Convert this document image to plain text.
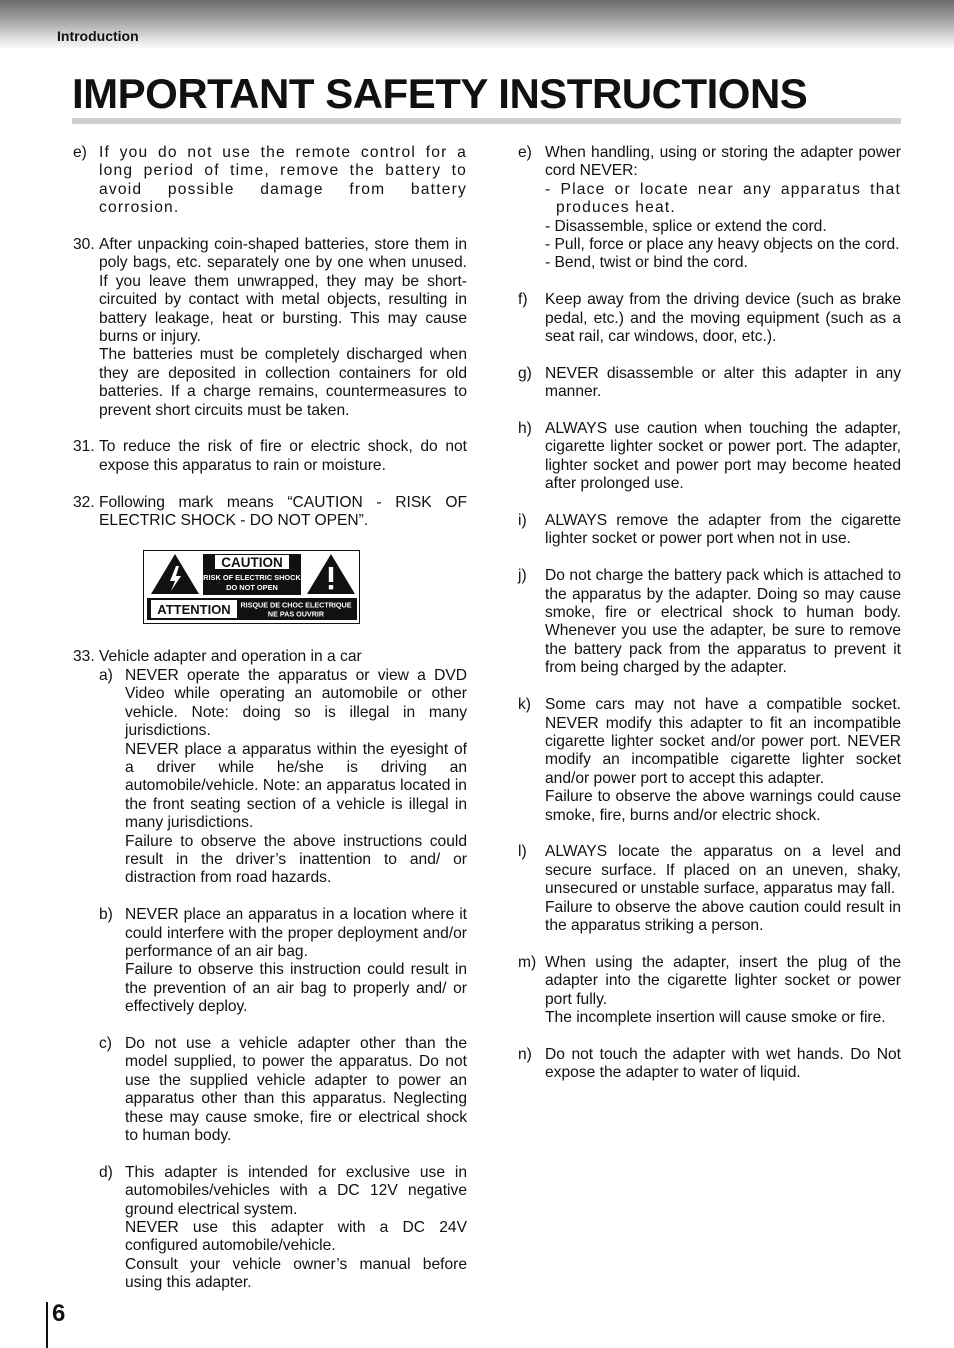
Introduction
IMPORTANT SAFETY INSTRUCTIONS
e) If you do not use the remote control for a long period of time, remove the battery to avoid possible damage from battery corrosion.

30. After unpacking coin-shaped batteries, store them in poly bags, etc. separately one by one when unused. If you leave them unwrapped, they may be short-circuited by contact with metal objects, resulting in battery leakage, heat or bursting. This may cause burns or injury.

The batteries must be completely discharged when they are deposited in collection containers for old batteries. If a charge remains, countermeasures to prevent short circuits must be taken.

31. To reduce the risk of fire or electric shock, do not expose this apparatus to rain or moisture.

32. Following mark means “CAUTION - RISK OF ELECTRIC SHOCK - DO NOT OPEN”.

CAUTION
RISK OF ELECTRIC SHOCK
DO NOT OPEN
ATTENTION RISQUE DE CHOC ELECTRIQUE
NE PAS OUVRIR

33. Vehicle adapter and operation in a car

a) NEVER operate the apparatus or view a DVD Video while operating an automobile or other vehicle. Note: doing so is illegal in many jurisdictions.

NEVER place a apparatus within the eyesight of a driver while he/she is driving an automobile/vehicle. Note: an apparatus located in the front seating section of a vehicle is illegal in many jurisdictions.

Failure to observe the above instructions could result in the driver’s inattention to and/ or distraction from road hazards.

b) NEVER place an apparatus in a location where it could interfere with the proper deployment and/or performance of an air bag.

Failure to observe this instruction could result in the prevention of an air bag to properly and/ or effectively deploy.

c) Do not use a vehicle adapter other than the model supplied, to power the apparatus. Do not use the supplied vehicle adapter to power an apparatus other than this apparatus. Neglecting these may cause smoke, fire or electrical shock to human body.

d) This adapter is intended for exclusive use in automobiles/vehicles with a DC 12V negative ground electrical system.

NEVER use this adapter with a DC 24V configured automobile/vehicle.

Consult your vehicle owner’s manual before using this adapter.

e) When handling, using or storing the adapter power cord NEVER:

- Place or locate near any apparatus that produces heat.

- Disassemble, splice or extend the cord.

- Pull, force or place any heavy objects on the cord.

- Bend, twist or bind the cord.

f) Keep away from the driving device (such as brake pedal, etc.) and the moving equipment (such as a seat rail, car windows, door, etc.).

g) NEVER disassemble or alter this adapter in any manner.

h) ALWAYS use caution when touching the adapter, cigarette lighter socket or power port. The adapter, lighter socket and power port may become heated after prolonged use.

i) ALWAYS remove the adapter from the cigarette lighter socket or power port when not in use.

j) Do not charge the battery pack which is attached to the apparatus by the adapter. Doing so may cause smoke, fire or electrical shock to human body. Whenever you use the adapter, be sure to remove the battery pack from the apparatus to prevent it from being charged by the adapter.

k) Some cars may not have a compatible socket. NEVER modify this adapter to fit an incompatible cigarette lighter socket and/or power port. NEVER modify an incompatible cigarette lighter socket and/or power port to accept this adapter.

Failure to observe the above warnings could cause smoke, fire, burns and/or electric shock.

l) ALWAYS locate the apparatus on a level and secure surface. If placed on an uneven, shaky, unsecured or unstable surface, apparatus may fall.

Failure to observe the above caution could result in the apparatus striking a person.

m) When using the adapter, insert the plug of the adapter into the cigarette lighter socket or power port fully.

The incomplete insertion will cause smoke or fire.

n) Do not touch the adapter with wet hands. Do Not expose the adapter to water of liquid.

6
